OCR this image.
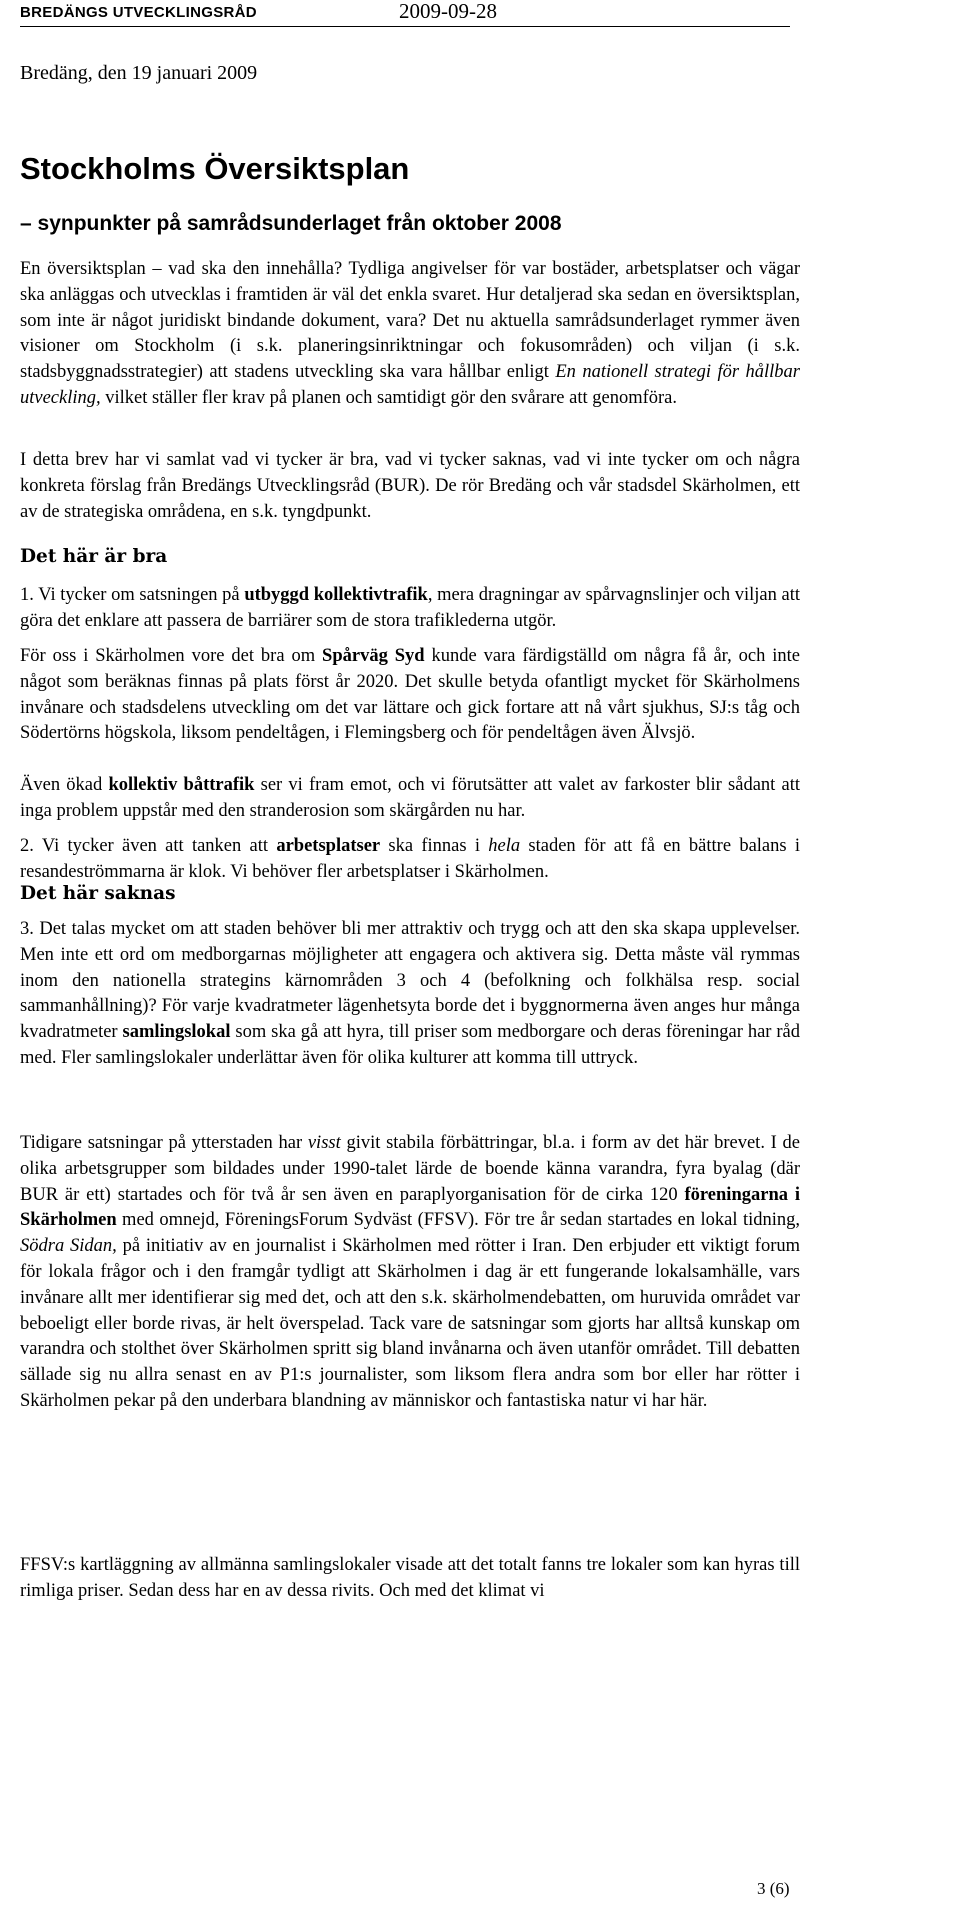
BREDÄNGS UTVECKLINGSRÅD	2009-09-28
Bredäng, den 19 januari 2009
Stockholms Översiktsplan
– synpunkter på samrådsunderlaget från oktober 2008

En översiktsplan – vad ska den innehålla? Tydliga angivelser för var bostäder, arbetsplatser och vägar ska anläggas och utvecklas i framtiden är väl det enkla svaret. Hur detaljerad ska sedan en översiktsplan, som inte är något juridiskt bindande dokument, vara? Det nu aktuella samrådsunderlaget rymmer även visioner om Stockholm (i s.k. planeringsinriktningar och fokusområden) och viljan (i s.k. stadsbyggnadsstrategier) att stadens utveckling ska vara hållbar enligt En nationell strategi för hållbar utveckling, vilket ställer fler krav på planen och samtidigt gör den svårare att genomföra.

I detta brev har vi samlat vad vi tycker är bra, vad vi tycker saknas, vad vi inte tycker om och några konkreta förslag från Bredängs Utvecklingsråd (BUR). De rör Bredäng och vår stadsdel Skärholmen, ett av de strategiska områdena, en s.k. tyngdpunkt.

Det här är bra

1. Vi tycker om satsningen på utbyggd kollektivtrafik, mera dragningar av spårvagnslinjer och viljan att göra det enklare att passera de barriärer som de stora trafiklederna utgör.

För oss i Skärholmen vore det bra om Spårväg Syd kunde vara färdigställd om några få år, och inte något som beräknas finnas på plats först år 2020. Det skulle betyda ofantligt mycket för Skärholmens invånare och stadsdelens utveckling om det var lättare och gick fortare att nå vårt sjukhus, SJ:s tåg och Södertörns högskola, liksom pendeltågen, i Flemingsberg och för pendeltågen även Älvsjö.

Även ökad kollektiv båttrafik ser vi fram emot, och vi förutsätter att valet av farkoster blir sådant att inga problem uppstår med den stranderosion som skärgården nu har.

2. Vi tycker även att tanken att arbetsplatser ska finnas i hela staden för att få en bättre balans i resandeströmmarna är klok. Vi behöver fler arbetsplatser i Skärholmen.

Det här saknas

3. Det talas mycket om att staden behöver bli mer attraktiv och trygg och att den ska skapa upplevelser. Men inte ett ord om medborgarnas möjligheter att engagera och aktivera sig. Detta måste väl rymmas inom den nationella strategins kärnområden 3 och 4 (befolkning och folkhälsa resp. social sammanhållning)? För varje kvadratmeter lägenhetsyta borde det i byggnormerna även anges hur många kvadratmeter samlingslokal som ska gå att hyra, till priser som medborgare och deras föreningar har råd med. Fler samlingslokaler underlättar även för olika kulturer att komma till uttryck.

Tidigare satsningar på ytterstaden har visst givit stabila förbättringar, bl.a. i form av det här brevet. I de olika arbetsgrupper som bildades under 1990-talet lärde de boende känna varandra, fyra byalag (där BUR är ett) startades och för två år sen även en paraplyorganisation för de cirka 120 föreningarna i Skärholmen med omnejd, FöreningsForum Sydväst (FFSV). För tre år sedan startades en lokal tidning, Södra Sidan, på initiativ av en journalist i Skärholmen med rötter i Iran. Den erbjuder ett viktigt forum för lokala frågor och i den framgår tydligt att Skärholmen i dag är ett fungerande lokalsamhälle, vars invånare allt mer identifierar sig med det, och att den s.k. skärholmendebatten, om huruvida området var beboeligt eller borde rivas, är helt överspelad. Tack vare de satsningar som gjorts har alltså kunskap om varandra och stolthet över Skärholmen spritt sig bland invånarna och även utanför området. Till debatten sällade sig nu allra senast en av P1:s journalister, som liksom flera andra som bor eller har rötter i Skärholmen pekar på den underbara blandning av människor och fantastiska natur vi har här.

FFSV:s kartläggning av allmänna samlingslokaler visade att det totalt fanns tre lokaler som kan hyras till rimliga priser. Sedan dess har en av dessa rivits. Och med det klimat vi

3 (6)
